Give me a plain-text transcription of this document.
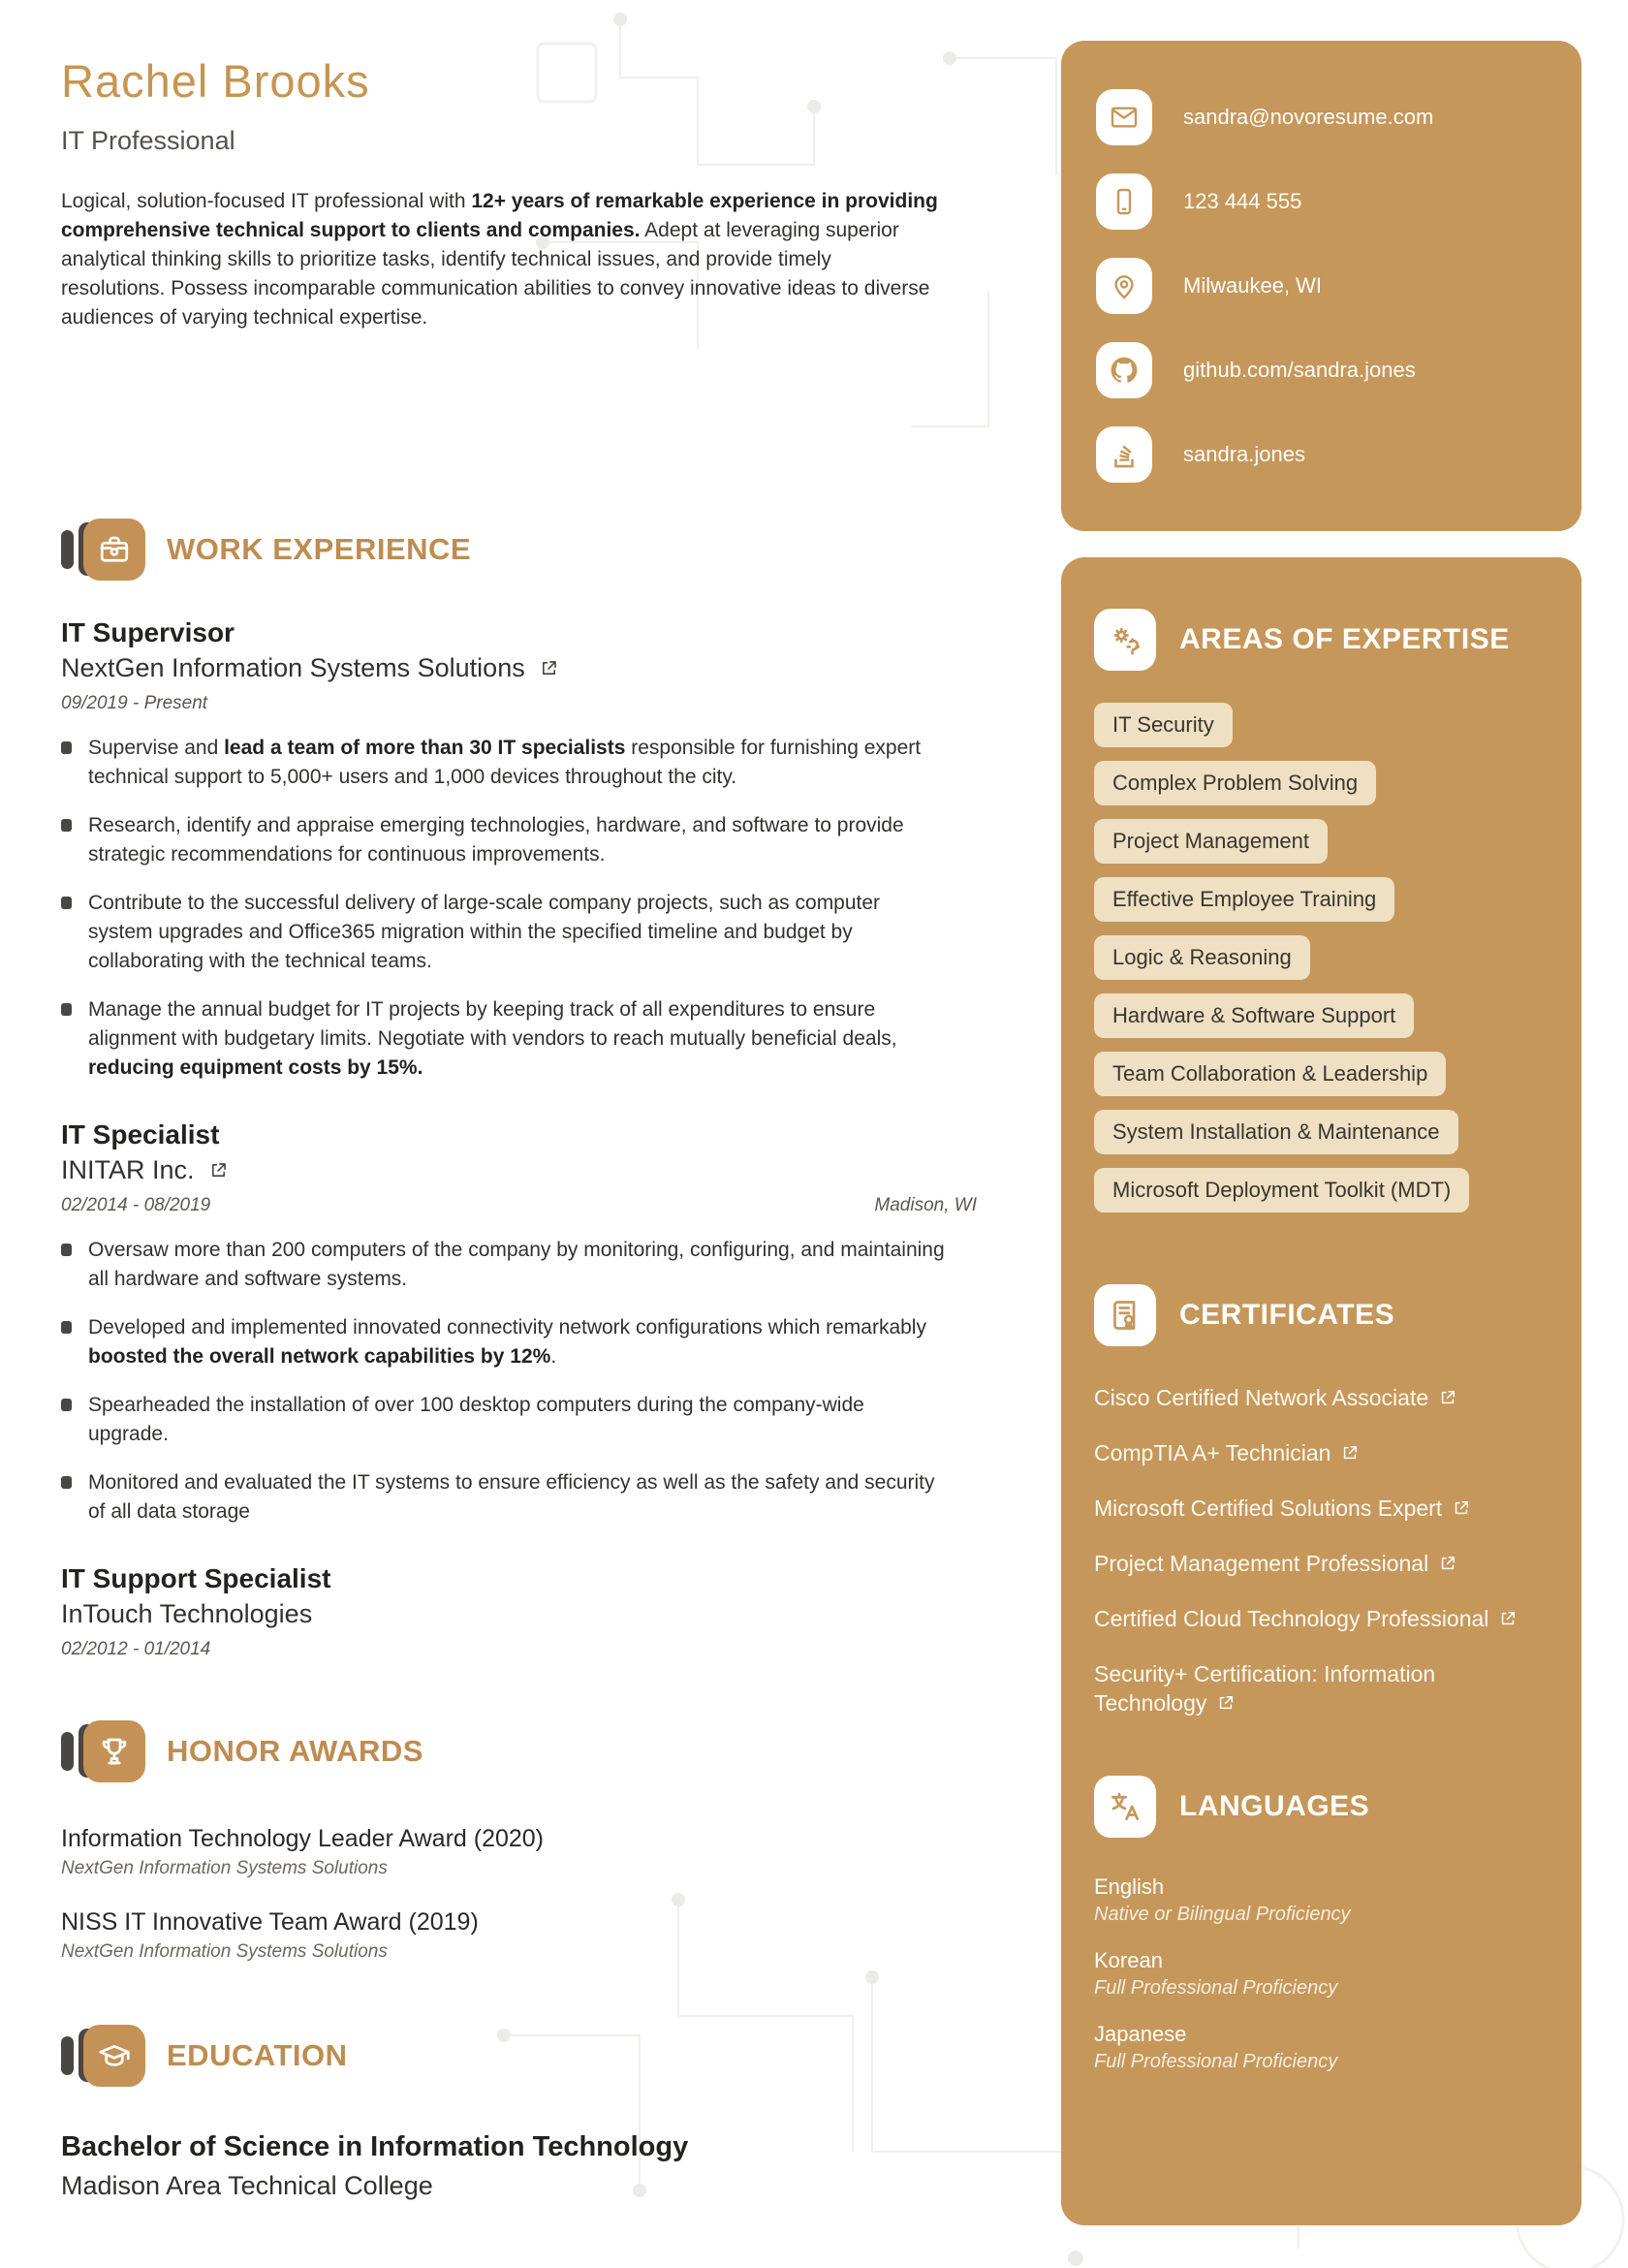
Rachel Brooks
IT Professional

Logical, solution-focused IT professional with 12+ years of remarkable experience in providing comprehensive technical support to clients and companies. Adept at leveraging superior analytical thinking skills to prioritize tasks, identify technical issues, and provide timely resolutions. Possess incomparable communication abilities to convey innovative ideas to diverse audiences of varying technical expertise.

WORK EXPERIENCE
IT Supervisor
NextGen Information Systems Solutions
09/2019 - Present
Supervise and lead a team of more than 30 IT specialists responsible for furnishing expert technical support to 5,000+ users and 1,000 devices throughout the city.
Research, identify and appraise emerging technologies, hardware, and software to provide strategic recommendations for continuous improvements.
Contribute to the successful delivery of large-scale company projects, such as computer system upgrades and Office365 migration within the specified timeline and budget by collaborating with the technical teams.
Manage the annual budget for IT projects by keeping track of all expenditures to ensure alignment with budgetary limits. Negotiate with vendors to reach mutually beneficial deals, reducing equipment costs by 15%.
IT Specialist
INITAR Inc.
02/2014 - 08/2019	Madison, WI
Oversaw more than 200 computers of the company by monitoring, configuring, and maintaining all hardware and software systems.
Developed and implemented innovated connectivity network configurations which remarkably boosted the overall network capabilities by 12%.
Spearheaded the installation of over 100 desktop computers during the company-wide upgrade.
Monitored and evaluated the IT systems to ensure efficiency as well as the safety and security of all data storage
IT Support Specialist
InTouch Technologies
02/2012 - 01/2014
HONOR AWARDS
Information Technology Leader Award (2020)
NextGen Information Systems Solutions
NISS IT Innovative Team Award (2019)
NextGen Information Systems Solutions
EDUCATION
Bachelor of Science in Information Technology
Madison Area Technical College
sandra@novoresume.com
123 444 555
Milwaukee, WI
github.com/sandra.jones
sandra.jones
AREAS OF EXPERTISE
IT Security
Complex Problem Solving
Project Management
Effective Employee Training
Logic & Reasoning
Hardware & Software Support
Team Collaboration & Leadership
System Installation & Maintenance
Microsoft Deployment Toolkit (MDT)
CERTIFICATES
Cisco Certified Network Associate
CompTIA A+ Technician
Microsoft Certified Solutions Expert
Project Management Professional
Certified Cloud Technology Professional
Security+ Certification: Information Technology
LANGUAGES
English
Native or Bilingual Proficiency
Korean
Full Professional Proficiency
Japanese
Full Professional Proficiency
